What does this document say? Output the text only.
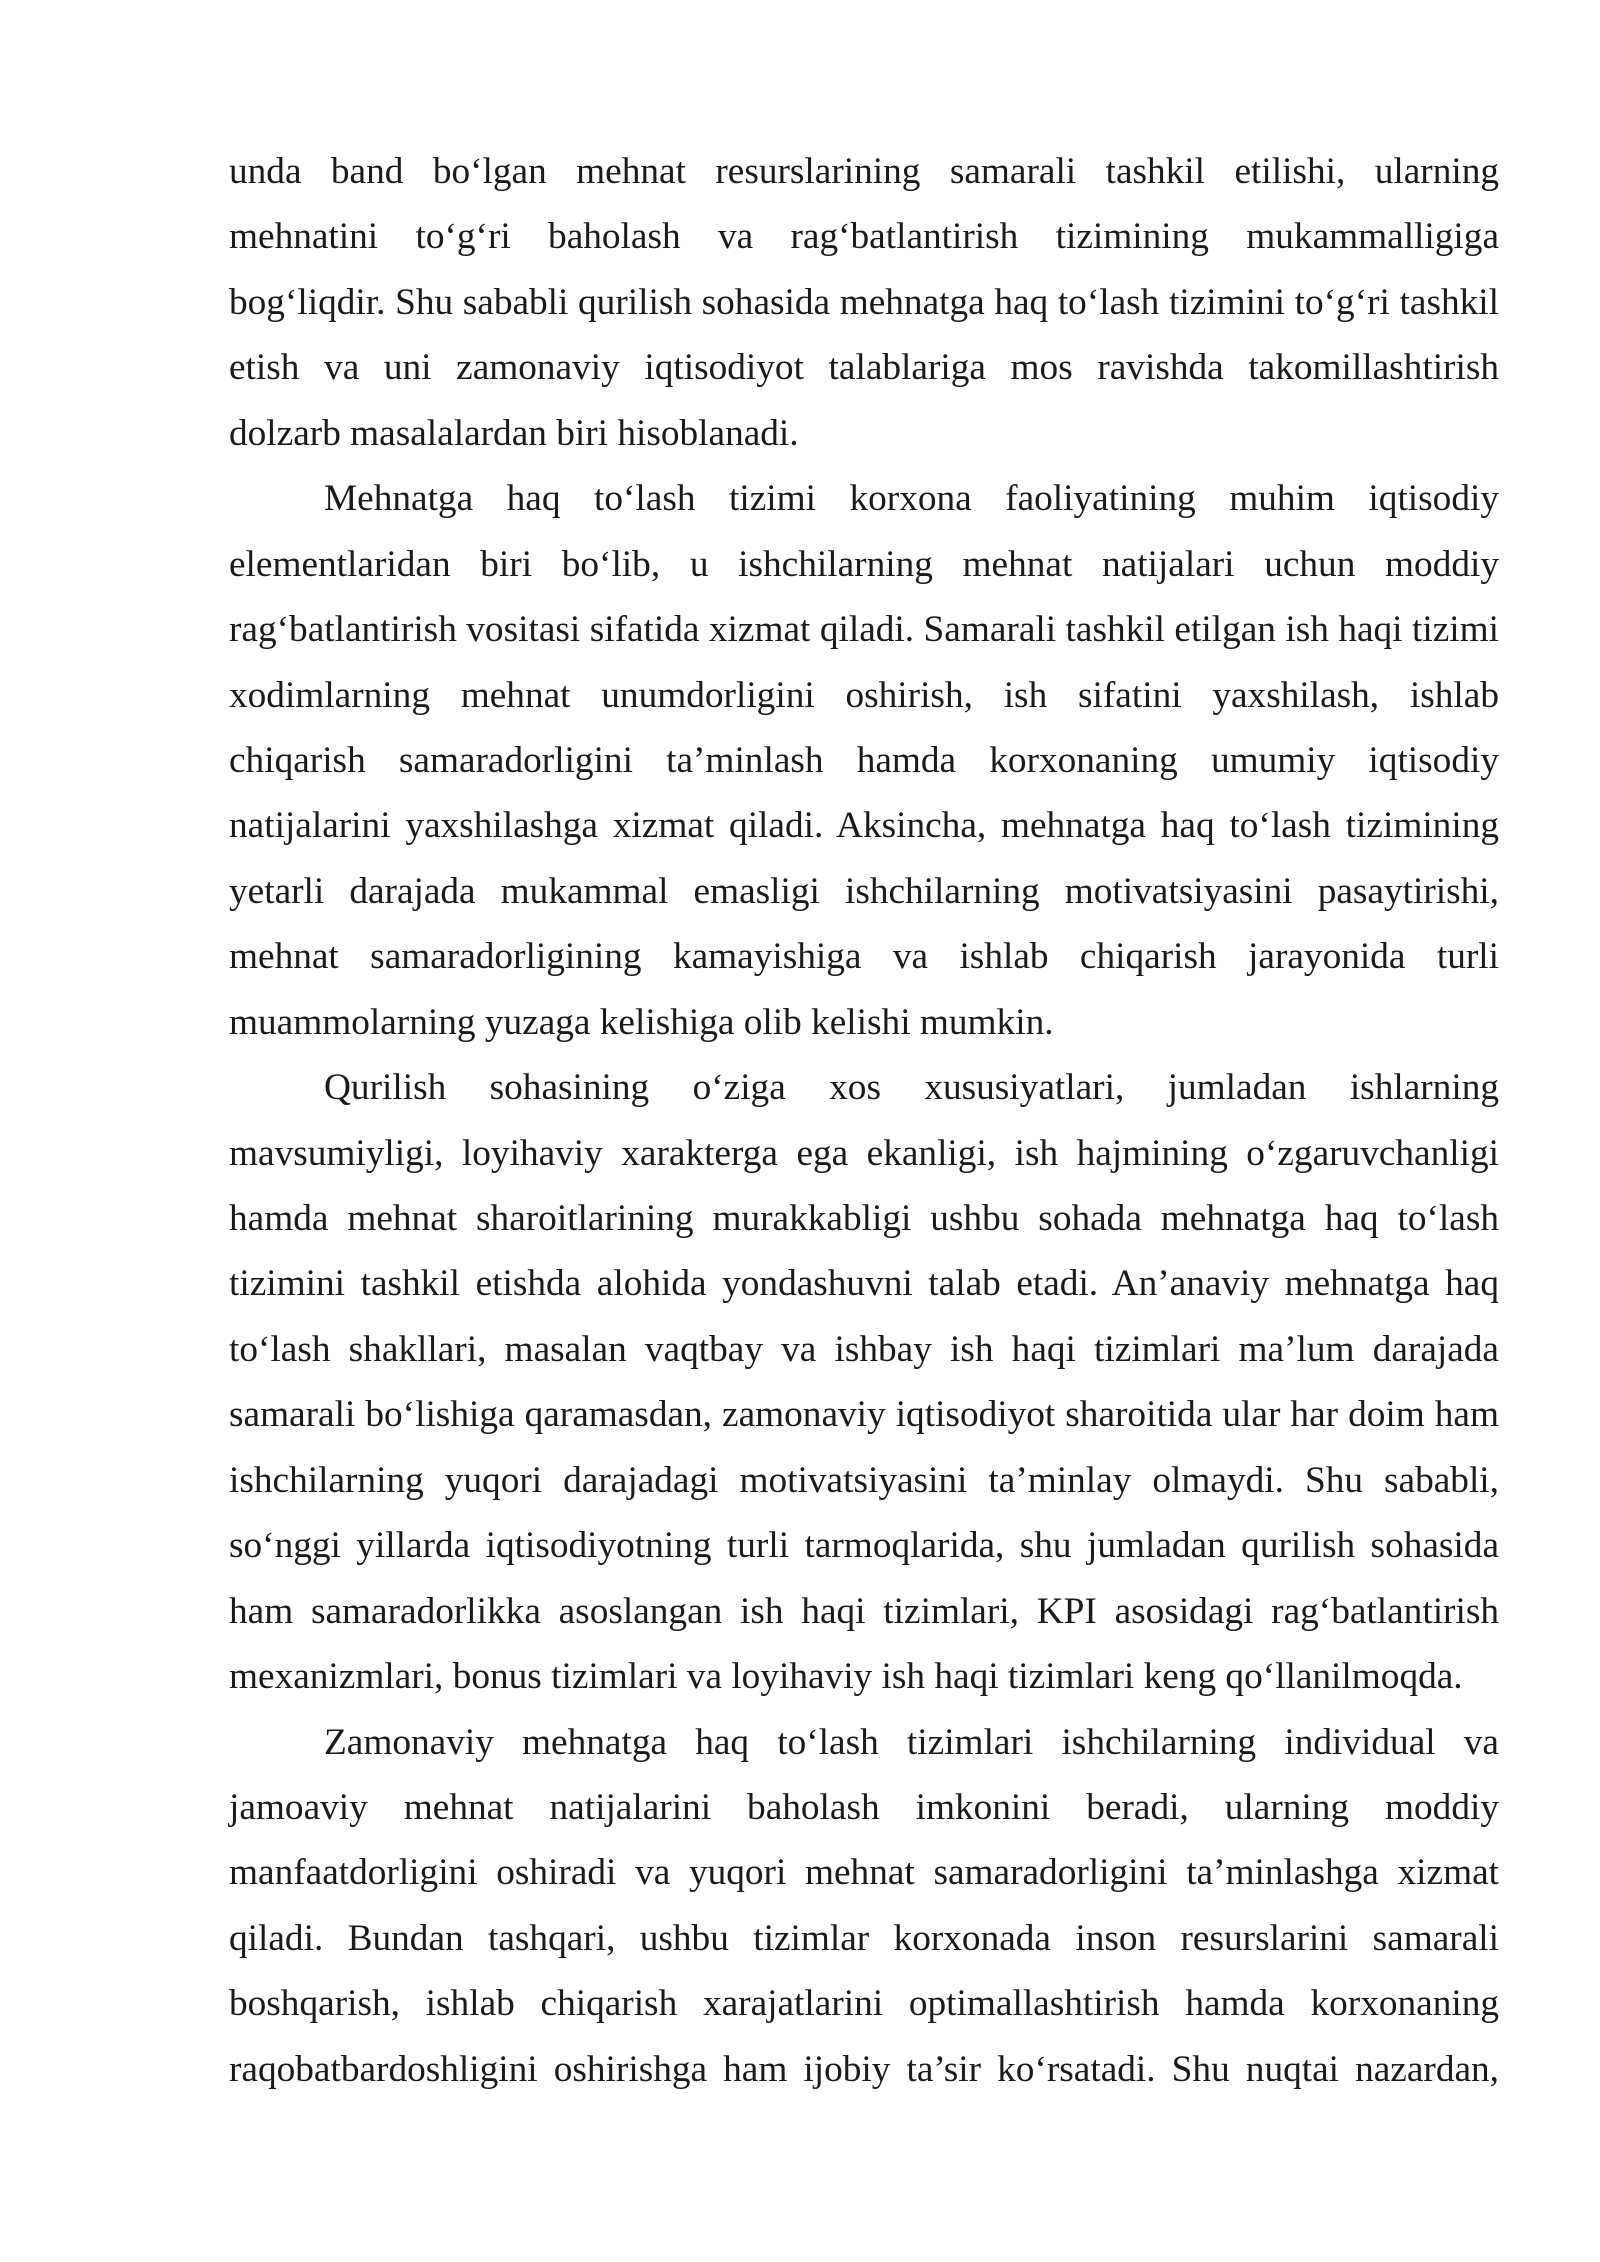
unda band bo‘lgan mehnat resurslarining samarali tashkil etilishi, ularning
mehnatini to‘g‘ri baholash va rag‘batlantirish tizimining mukammalligiga
bog‘liqdir. Shu sababli qurilish sohasida mehnatga haq to‘lash tizimini to‘g‘ri tashkil
etish va uni zamonaviy iqtisodiyot talablariga mos ravishda takomillashtirish
dolzarb masalalardan biri hisoblanadi.
Mehnatga haq to‘lash tizimi korxona faoliyatining muhim iqtisodiy
elementlaridan biri bo‘lib, u ishchilarning mehnat natijalari uchun moddiy
rag‘batlantirish vositasi sifatida xizmat qiladi. Samarali tashkil etilgan ish haqi tizimi
xodimlarning mehnat unumdorligini oshirish, ish sifatini yaxshilash, ishlab
chiqarish samaradorligini ta’minlash hamda korxonaning umumiy iqtisodiy
natijalarini yaxshilashga xizmat qiladi. Aksincha, mehnatga haq to‘lash tizimining
yetarli darajada mukammal emasligi ishchilarning motivatsiyasini pasaytirishi,
mehnat samaradorligining kamayishiga va ishlab chiqarish jarayonida turli
muammolarning yuzaga kelishiga olib kelishi mumkin.
Qurilish sohasining o‘ziga xos xususiyatlari, jumladan ishlarning
mavsumiyligi, loyihaviy xarakterga ega ekanligi, ish hajmining o‘zgaruvchanligi
hamda mehnat sharoitlarining murakkabligi ushbu sohada mehnatga haq to‘lash
tizimini tashkil etishda alohida yondashuvni talab etadi. An’anaviy mehnatga haq
to‘lash shakllari, masalan vaqtbay va ishbay ish haqi tizimlari ma’lum darajada
samarali bo‘lishiga qaramasdan, zamonaviy iqtisodiyot sharoitida ular har doim ham
ishchilarning yuqori darajadagi motivatsiyasini ta’minlay olmaydi. Shu sababli,
so‘nggi yillarda iqtisodiyotning turli tarmoqlarida, shu jumladan qurilish sohasida
ham samaradorlikka asoslangan ish haqi tizimlari, KPI asosidagi rag‘batlantirish
mexanizmlari, bonus tizimlari va loyihaviy ish haqi tizimlari keng qo‘llanilmoqda.
Zamonaviy mehnatga haq to‘lash tizimlari ishchilarning individual va
jamoaviy mehnat natijalarini baholash imkonini beradi, ularning moddiy
manfaatdorligini oshiradi va yuqori mehnat samaradorligini ta’minlashga xizmat
qiladi. Bundan tashqari, ushbu tizimlar korxonada inson resurslarini samarali
boshqarish, ishlab chiqarish xarajatlarini optimallashtirish hamda korxonaning
raqobatbardoshligini oshirishga ham ijobiy ta’sir ko‘rsatadi. Shu nuqtai nazardan,
